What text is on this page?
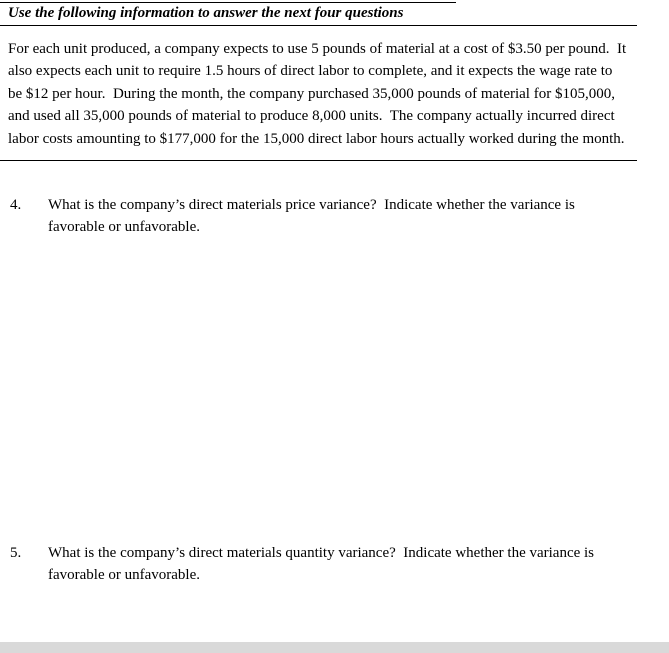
Use the following information to answer the next four questions
For each unit produced, a company expects to use 5 pounds of material at a cost of $3.50 per pound.  It also expects each unit to require 1.5 hours of direct labor to complete, and it expects the wage rate to be $12 per hour.  During the month, the company purchased 35,000 pounds of material for $105,000, and used all 35,000 pounds of material to produce 8,000 units.  The company actually incurred direct labor costs amounting to $177,000 for the 15,000 direct labor hours actually worked during the month.
4.	What is the company’s direct materials price variance?  Indicate whether the variance is favorable or unfavorable.
5.	What is the company’s direct materials quantity variance?  Indicate whether the variance is favorable or unfavorable.
